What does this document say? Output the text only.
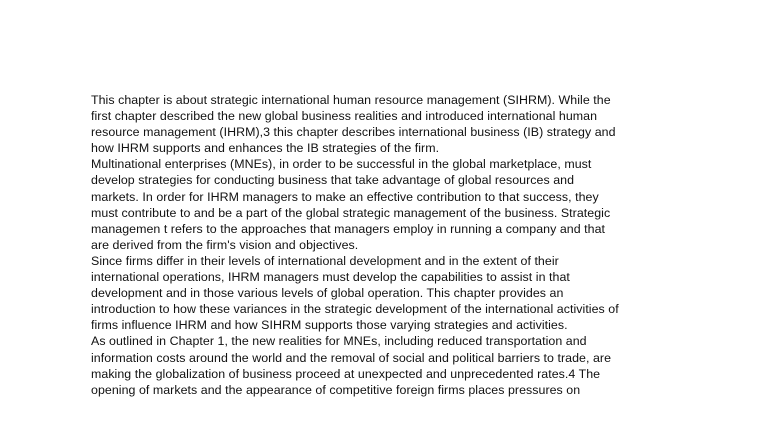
This chapter is about strategic international human resource management (SIHRM). While the
first chapter described the new global business realities and introduced international human
resource management (IHRM),3 this chapter describes international business (IB) strategy and
how IHRM supports and enhances the IB strategies of the firm.
Multinational enterprises (MNEs), in order to be successful in the global marketplace, must
develop strategies for conducting business that take advantage of global resources and
markets. In order for IHRM managers to make an effective contribution to that success, they
must contribute to and be a part of the global strategic management of the business. Strategic
managemen t refers to the approaches that managers employ in running a company and that
are derived from the firm's vision and objectives.
Since firms differ in their levels of international development and in the extent of their
international operations, IHRM managers must develop the capabilities to assist in that
development and in those various levels of global operation. This chapter provides an
introduction to how these variances in the strategic development of the international activities of
firms influence IHRM and how SIHRM supports those varying strategies and activities.
As outlined in Chapter 1, the new realities for MNEs, including reduced transportation and
information costs around the world and the removal of social and political barriers to trade, are
making the globalization of business proceed at unexpected and unprecedented rates.4 The
opening of markets and the appearance of competitive foreign firms places pressures on
